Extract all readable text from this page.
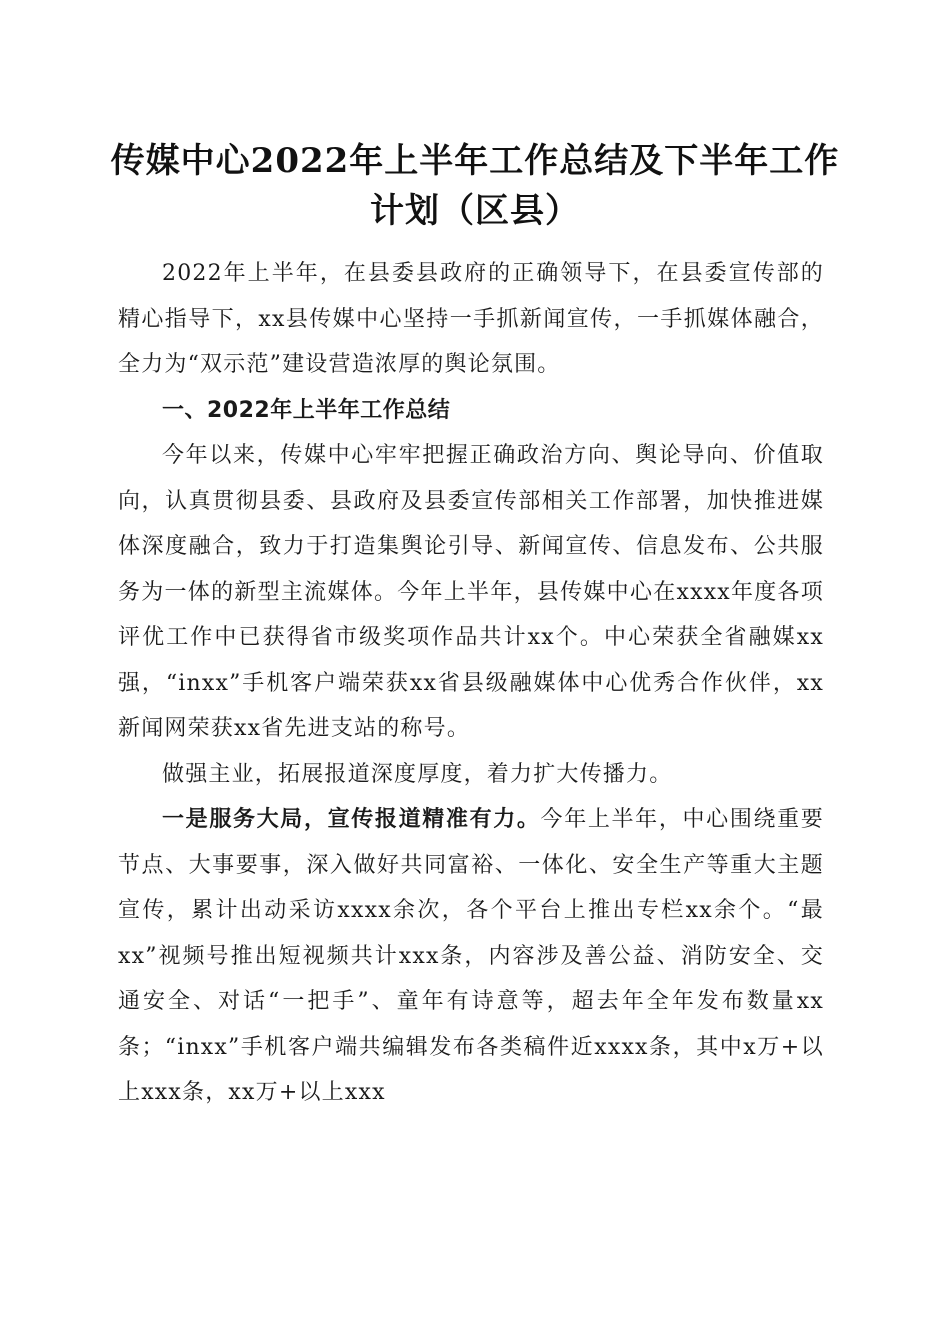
传媒中心2022年上半年工作总结及下半年工作计划（区县）

2022年上半年，在县委县政府的正确领导下，在县委宣传部的精心指导下，xx县传媒中心坚持一手抓新闻宣传，一手抓媒体融合，全力为“双示范”建设营造浓厚的舆论氛围。

一、2022年上半年工作总结

今年以来，传媒中心牢牢把握正确政治方向、舆论导向、价值取向，认真贯彻县委、县政府及县委宣传部相关工作部署，加快推进媒体深度融合，致力于打造集舆论引导、新闻宣传、信息发布、公共服务为一体的新型主流媒体。今年上半年，县传媒中心在xxxx年度各项评优工作中已获得省市级奖项作品共计xx个。中心荣获全省融媒xx强，“inxx”手机客户端荣获xx省县级融媒体中心优秀合作伙伴，xx新闻网荣获xx省先进支站的称号。

做强主业，拓展报道深度厚度，着力扩大传播力。

一是服务大局，宣传报道精准有力。今年上半年，中心围绕重要节点、大事要事，深入做好共同富裕、一体化、安全生产等重大主题宣传，累计出动采访xxxx余次，各个平台上推出专栏xx余个。“最xx”视频号推出短视频共计xxx条，内容涉及善公益、消防安全、交通安全、对话“一把手”、童年有诗意等，超去年全年发布数量xx条；“inxx”手机客户端共编辑发布各类稿件近xxxx条，其中x万+以上xxx条，xx万+以上xxx
